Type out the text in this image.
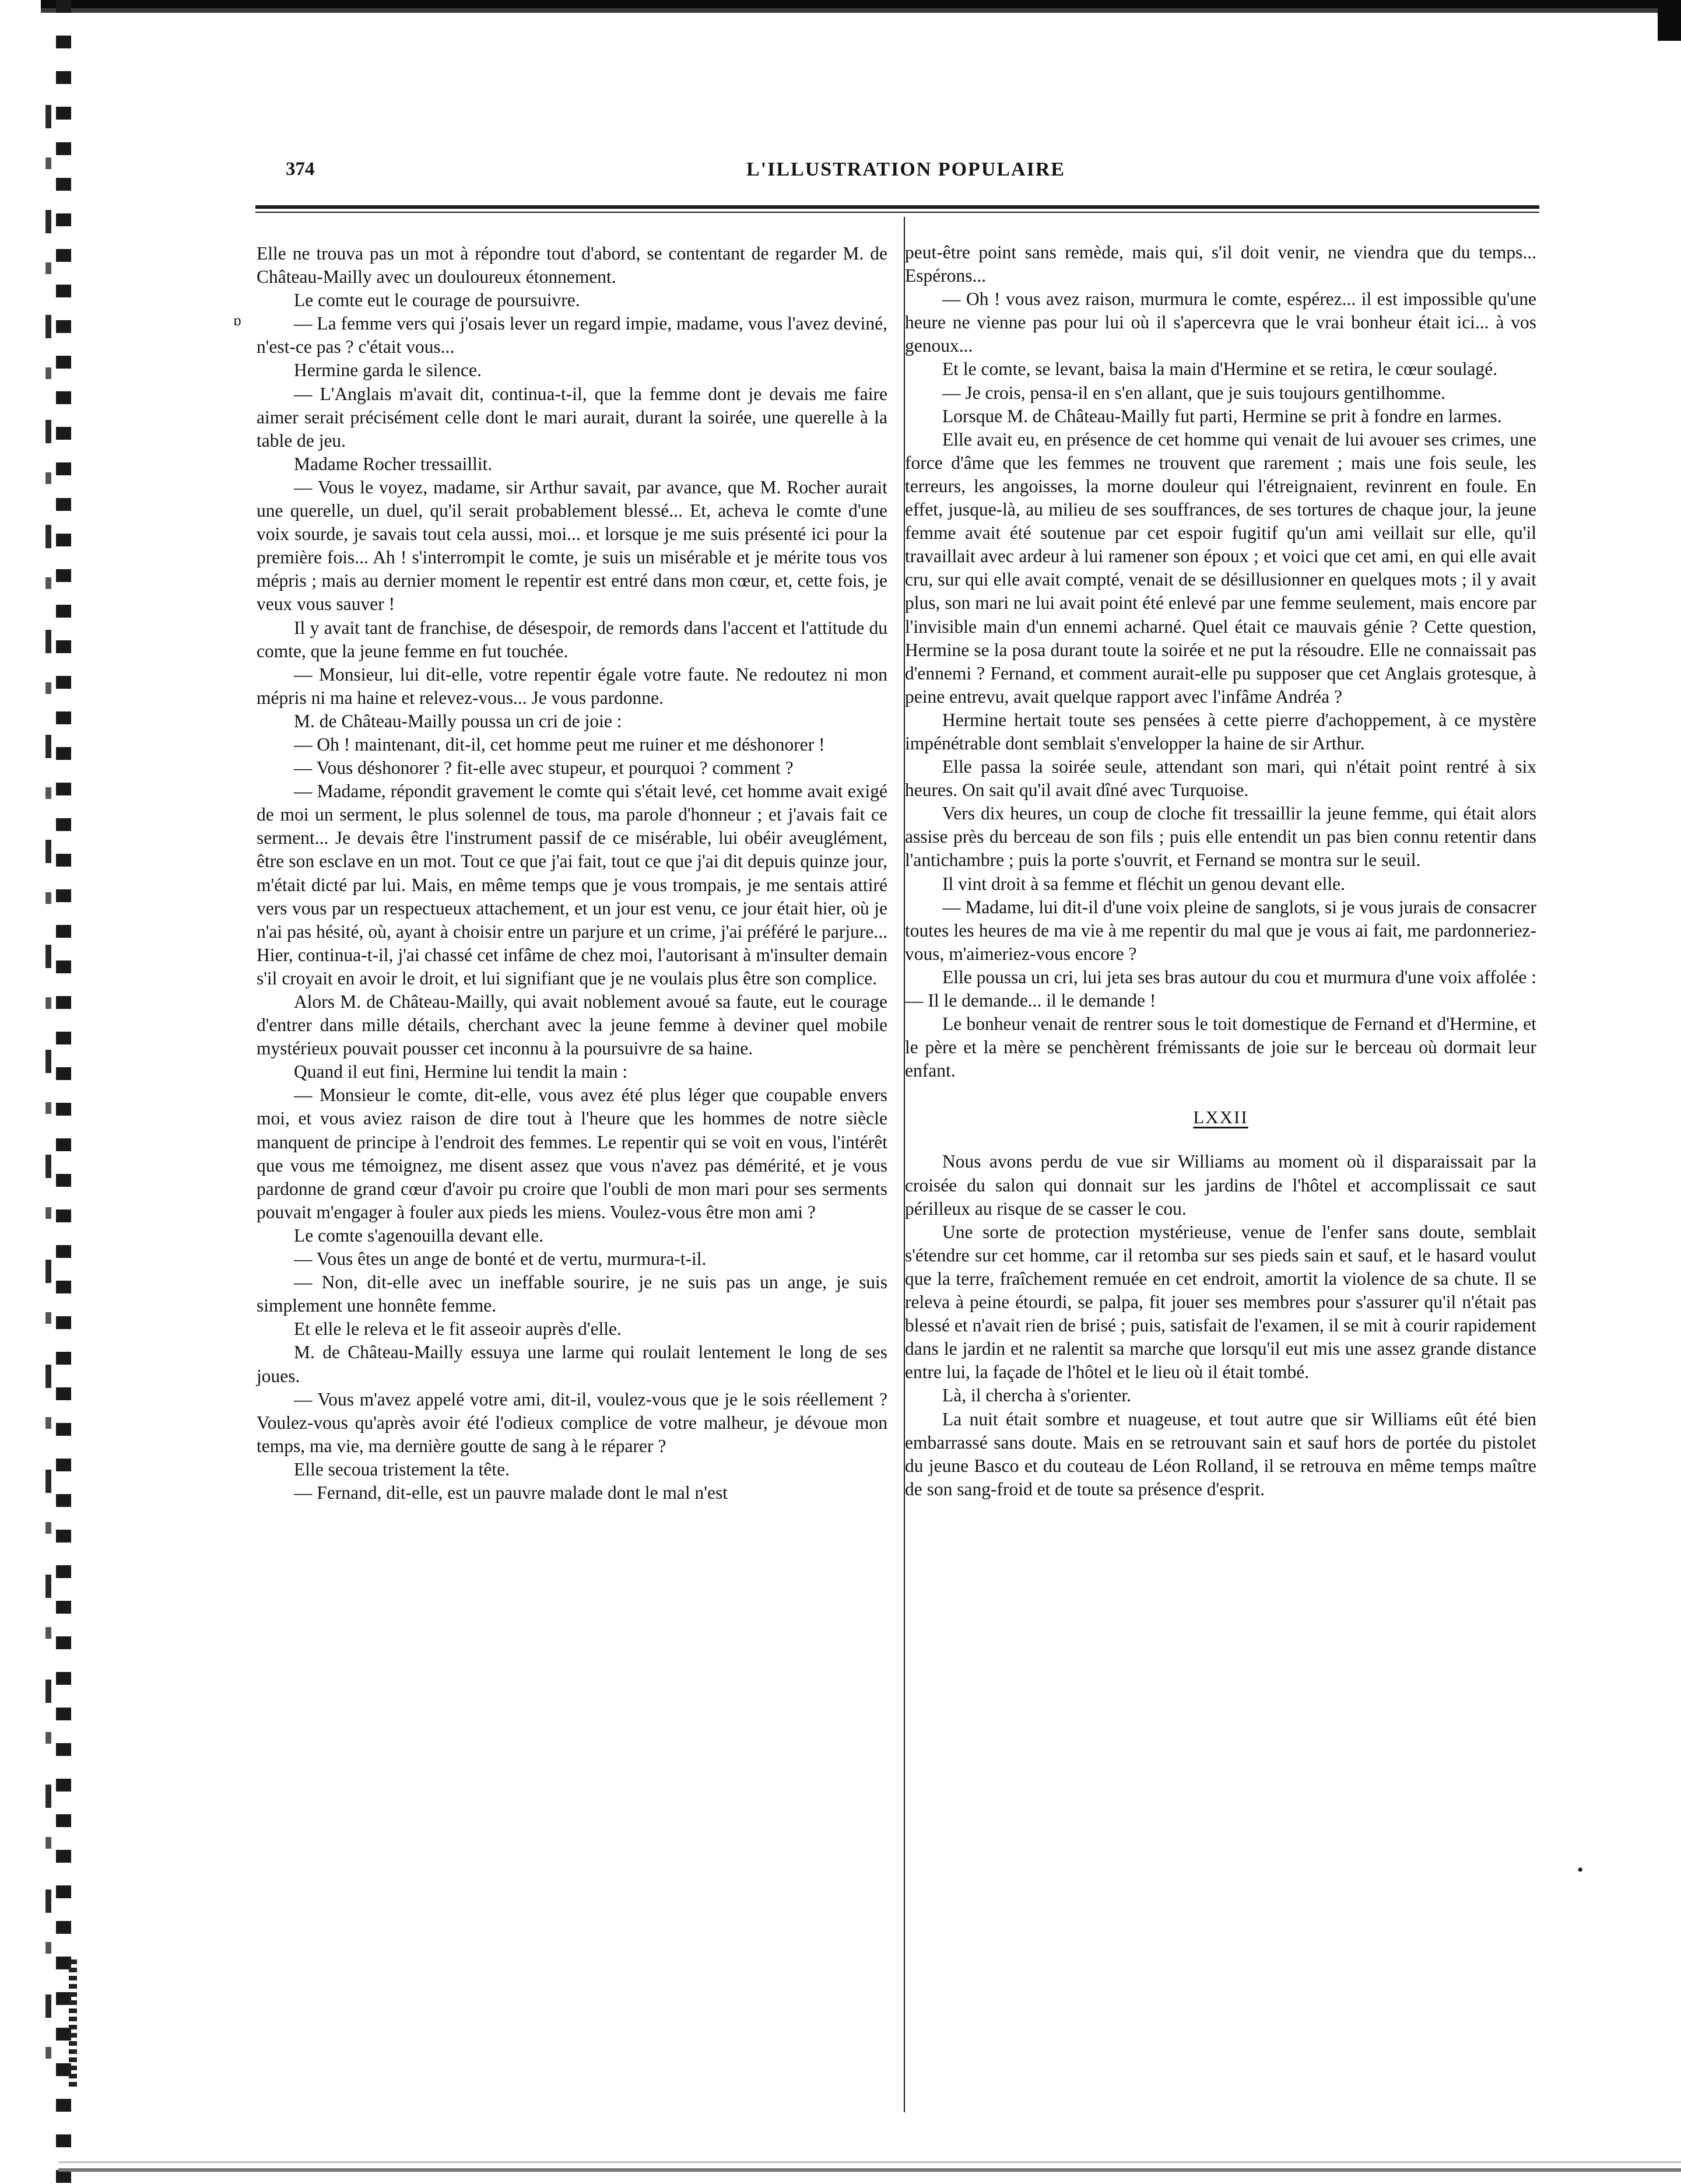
374	L'ILLUSTRATION POPULAIRE
ɒ
•

Elle ne trouva pas un mot à répondre tout d'abord, se contentant de regarder M. de Château-Mailly avec un douloureux étonnement.

Le comte eut le courage de poursuivre.

— La femme vers qui j'osais lever un regard impie, madame, vous l'avez deviné, n'est-ce pas ? c'était vous...

Hermine garda le silence.

— L'Anglais m'avait dit, continua-t-il, que la femme dont je devais me faire aimer serait précisément celle dont le mari aurait, durant la soirée, une querelle à la table de jeu.

Madame Rocher tressaillit.

— Vous le voyez, madame, sir Arthur savait, par avance, que M. Rocher aurait une querelle, un duel, qu'il serait probablement blessé... Et, acheva le comte d'une voix sourde, je savais tout cela aussi, moi... et lorsque je me suis présenté ici pour la première fois... Ah ! s'interrompit le comte, je suis un misérable et je mérite tous vos mépris ; mais au dernier moment le repentir est entré dans mon cœur, et, cette fois, je veux vous sauver !

Il y avait tant de franchise, de désespoir, de remords dans l'accent et l'attitude du comte, que la jeune femme en fut touchée.

— Monsieur, lui dit-elle, votre repentir égale votre faute. Ne redoutez ni mon mépris ni ma haine et relevez-vous... Je vous pardonne.

M. de Château-Mailly poussa un cri de joie :

— Oh ! maintenant, dit-il, cet homme peut me ruiner et me déshonorer !

— Vous déshonorer ? fit-elle avec stupeur, et pourquoi ? comment ?

— Madame, répondit gravement le comte qui s'était levé, cet homme avait exigé de moi un serment, le plus solennel de tous, ma parole d'honneur ; et j'avais fait ce serment... Je devais être l'instrument passif de ce misérable, lui obéir aveuglément, être son esclave en un mot. Tout ce que j'ai fait, tout ce que j'ai dit depuis quinze jour, m'était dicté par lui. Mais, en même temps que je vous trompais, je me sentais attiré vers vous par un respectueux attachement, et un jour est venu, ce jour était hier, où je n'ai pas hésité, où, ayant à choisir entre un parjure et un crime, j'ai préféré le parjure... Hier, continua-t-il, j'ai chassé cet infâme de chez moi, l'autorisant à m'insulter demain s'il croyait en avoir le droit, et lui signifiant que je ne voulais plus être son complice.

Alors M. de Château-Mailly, qui avait noblement avoué sa faute, eut le courage d'entrer dans mille détails, cherchant avec la jeune femme à deviner quel mobile mystérieux pouvait pousser cet inconnu à la poursuivre de sa haine.

Quand il eut fini, Hermine lui tendit la main :

— Monsieur le comte, dit-elle, vous avez été plus léger que coupable envers moi, et vous aviez raison de dire tout à l'heure que les hommes de notre siècle manquent de principe à l'endroit des femmes. Le repentir qui se voit en vous, l'intérêt que vous me témoignez, me disent assez que vous n'avez pas démérité, et je vous pardonne de grand cœur d'avoir pu croire que l'oubli de mon mari pour ses serments pouvait m'engager à fouler aux pieds les miens. Voulez-vous être mon ami ?

Le comte s'agenouilla devant elle.

— Vous êtes un ange de bonté et de vertu, murmura-t-il.

— Non, dit-elle avec un ineffable sourire, je ne suis pas un ange, je suis simplement une honnête femme.

Et elle le releva et le fit asseoir auprès d'elle.

M. de Château-Mailly essuya une larme qui roulait lentement le long de ses joues.

— Vous m'avez appelé votre ami, dit-il, voulez-vous que je le sois réellement ? Voulez-vous qu'après avoir été l'odieux complice de votre malheur, je dévoue mon temps, ma vie, ma dernière goutte de sang à le réparer ?

Elle secoua tristement la tête.

— Fernand, dit-elle, est un pauvre malade dont le mal n'est

peut-être point sans remède, mais qui, s'il doit venir, ne viendra que du temps... Espérons...

— Oh ! vous avez raison, murmura le comte, espérez... il est impossible qu'une heure ne vienne pas pour lui où il s'apercevra que le vrai bonheur était ici... à vos genoux...

Et le comte, se levant, baisa la main d'Hermine et se retira, le cœur soulagé.

— Je crois, pensa-il en s'en allant, que je suis toujours gentilhomme.

Lorsque M. de Château-Mailly fut parti, Hermine se prit à fondre en larmes.

Elle avait eu, en présence de cet homme qui venait de lui avouer ses crimes, une force d'âme que les femmes ne trouvent que rarement ; mais une fois seule, les terreurs, les angoisses, la morne douleur qui l'étreignaient, revinrent en foule. En effet, jusque-là, au milieu de ses souffrances, de ses tortures de chaque jour, la jeune femme avait été soutenue par cet espoir fugitif qu'un ami veillait sur elle, qu'il travaillait avec ardeur à lui ramener son époux ; et voici que cet ami, en qui elle avait cru, sur qui elle avait compté, venait de se désillusionner en quelques mots ; il y avait plus, son mari ne lui avait point été enlevé par une femme seulement, mais encore par l'invisible main d'un ennemi acharné. Quel était ce mauvais génie ? Cette question, Hermine se la posa durant toute la soirée et ne put la résoudre. Elle ne connaissait pas d'ennemi ? Fernand, et comment aurait-elle pu supposer que cet Anglais grotesque, à peine entrevu, avait quelque rapport avec l'infâme Andréa ?

Hermine hertait toute ses pensées à cette pierre d'achoppement, à ce mystère impénétrable dont semblait s'envelopper la haine de sir Arthur.

Elle passa la soirée seule, attendant son mari, qui n'était point rentré à six heures. On sait qu'il avait dîné avec Turquoise.

Vers dix heures, un coup de cloche fit tressaillir la jeune femme, qui était alors assise près du berceau de son fils ; puis elle entendit un pas bien connu retentir dans l'antichambre ; puis la porte s'ouvrit, et Fernand se montra sur le seuil.

Il vint droit à sa femme et fléchit un genou devant elle.

— Madame, lui dit-il d'une voix pleine de sanglots, si je vous jurais de consacrer toutes les heures de ma vie à me repentir du mal que je vous ai fait, me pardonneriez-vous, m'aimeriez-vous encore ?

Elle poussa un cri, lui jeta ses bras autour du cou et murmura d'une voix affolée : — Il le demande... il le demande !

Le bonheur venait de rentrer sous le toit domestique de Fernand et d'Hermine, et le père et la mère se penchèrent frémissants de joie sur le berceau où dormait leur enfant.

LXXII

Nous avons perdu de vue sir Williams au moment où il disparaissait par la croisée du salon qui donnait sur les jardins de l'hôtel et accomplissait ce saut périlleux au risque de se casser le cou.

Une sorte de protection mystérieuse, venue de l'enfer sans doute, semblait s'étendre sur cet homme, car il retomba sur ses pieds sain et sauf, et le hasard voulut que la terre, fraîchement remuée en cet endroit, amortit la violence de sa chute. Il se releva à peine étourdi, se palpa, fit jouer ses membres pour s'assurer qu'il n'était pas blessé et n'avait rien de brisé ; puis, satisfait de l'examen, il se mit à courir rapidement dans le jardin et ne ralentit sa marche que lorsqu'il eut mis une assez grande distance entre lui, la façade de l'hôtel et le lieu où il était tombé.

Là, il chercha à s'orienter.

La nuit était sombre et nuageuse, et tout autre que sir Williams eût été bien embarrassé sans doute. Mais en se retrouvant sain et sauf hors de portée du pistolet du jeune Basco et du couteau de Léon Rolland, il se retrouva en même temps maître de son sang-froid et de toute sa présence d'esprit.
